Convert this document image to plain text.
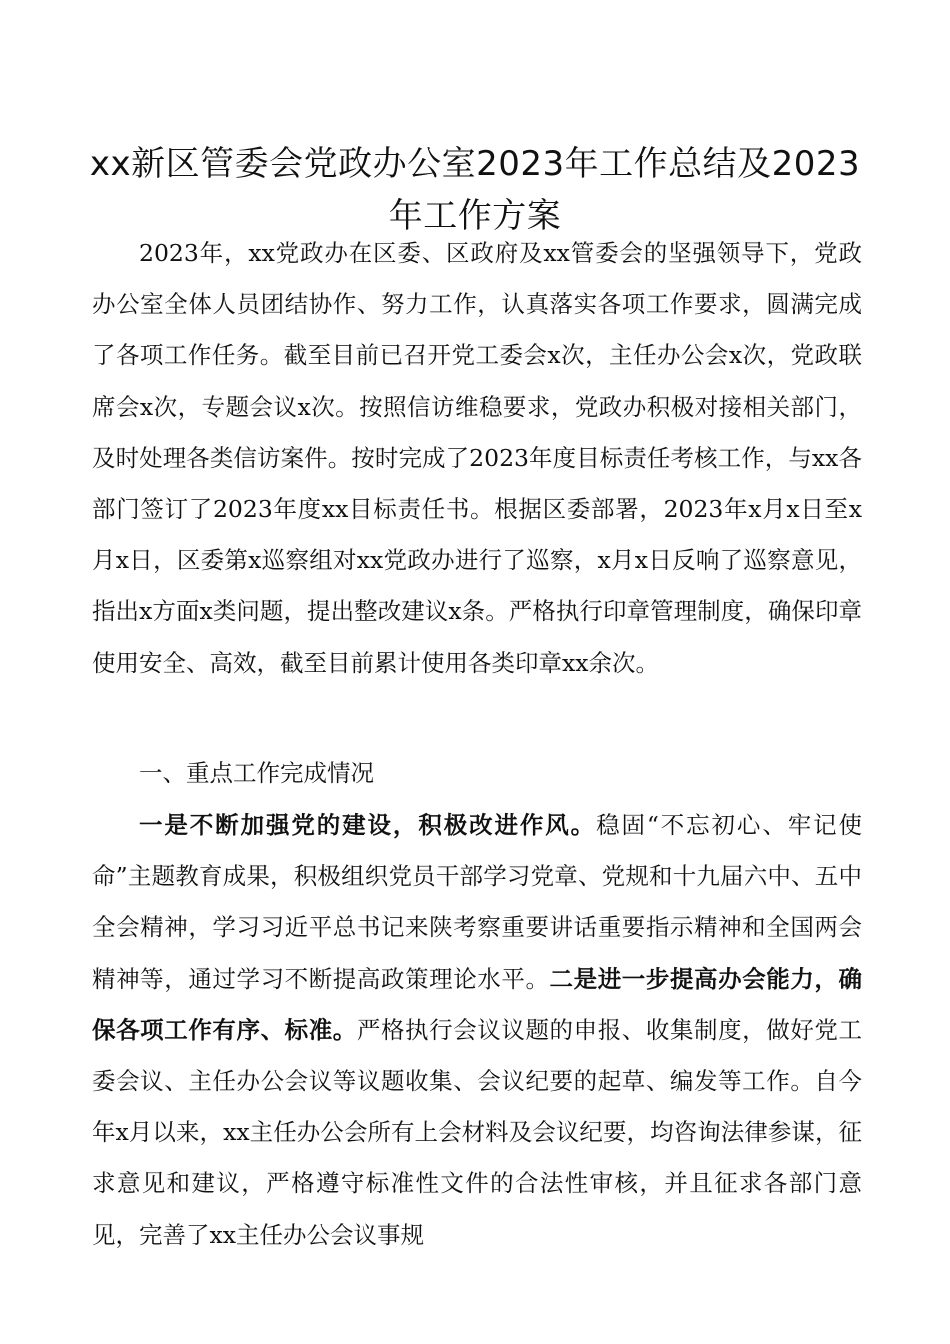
xx新区管委会党政办公室2023年工作总结及2023年工作方案

2023年，xx党政办在区委、区政府及xx管委会的坚强领导下，党政办公室全体人员团结协作、努力工作，认真落实各项工作要求，圆满完成了各项工作任务。截至目前已召开党工委会x次，主任办公会x次，党政联席会x次，专题会议x次。按照信访维稳要求，党政办积极对接相关部门，及时处理各类信访案件。按时完成了2023年度目标责任考核工作，与xx各部门签订了2023年度xx目标责任书。根据区委部署，2023年x月x日至x月x日，区委第x巡察组对xx党政办进行了巡察，x月x日反响了巡察意见，指出x方面x类问题，提出整改建议x条。严格执行印章管理制度，确保印章使用安全、高效，截至目前累计使用各类印章xx余次。

一、重点工作完成情况

一是不断加强党的建设，积极改进作风。稳固“不忘初心、牢记使命”主题教育成果，积极组织党员干部学习党章、党规和十九届六中、五中全会精神，学习习近平总书记来陕考察重要讲话重要指示精神和全国两会精神等，通过学习不断提高政策理论水平。二是进一步提高办会能力，确保各项工作有序、标准。严格执行会议议题的申报、收集制度，做好党工委会议、主任办公会议等议题收集、会议纪要的起草、编发等工作。自今年x月以来，xx主任办公会所有上会材料及会议纪要，均咨询法律参谋，征求意见和建议，严格遵守标准性文件的合法性审核，并且征求各部门意见，完善了xx主任办公会议事规
